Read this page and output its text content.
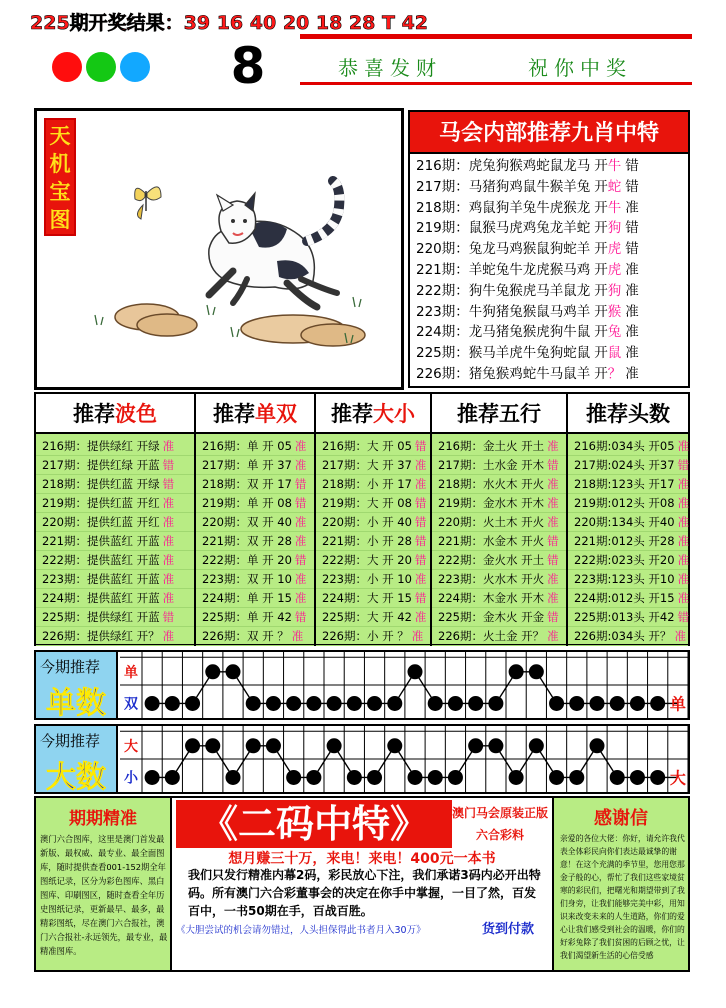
225期开奖结果：39 16 40 20 18 28 T 42
8	恭喜发财	祝你中奖
天机宝图
马会内部推荐九肖中特
216期：虎兔狗猴鸡蛇鼠龙马 开牛 错
217期：马猪狗鸡鼠牛猴羊兔 开蛇 错
218期：鸡鼠狗羊兔牛虎猴龙 开牛 准
219期：鼠猴马虎鸡兔龙羊蛇 开狗 错
220期：兔龙马鸡猴鼠狗蛇羊 开虎 错
221期：羊蛇兔牛龙虎猴马鸡 开虎 准
222期：狗牛兔猴虎马羊鼠龙 开狗 准
223期：牛狗猪兔猴鼠马鸡羊 开猴 准
224期：龙马猪兔猴虎狗牛鼠 开兔 准
225期：猴马羊虎牛兔狗蛇鼠 开鼠 准
226期：猪兔猴鸡蛇牛马鼠羊 开？ 准
推荐波色
216期：提供绿红 开绿 准
217期：提供红绿 开蓝 错
218期：提供红蓝 开绿 错
219期：提供红蓝 开红 准
220期：提供红蓝 开红 准
221期：提供蓝红 开蓝 准
222期：提供蓝红 开蓝 准
223期：提供蓝红 开蓝 准
224期：提供蓝红 开蓝 准
225期：提供绿红 开蓝 错
226期：提供绿红 开？ 准
推荐单双
216期：单 开 05 准
217期：单 开 37 准
218期：双 开 17 错
219期：单 开 08 错
220期：双 开 40 准
221期：双 开 28 准
222期：单 开 20 错
223期：双 开 10 准
224期：单 开 15 准
225期：单 开 42 错
226期：双 开 ？ 准
推荐大小
216期：大 开 05 错
217期：大 开 37 准
218期：小 开 17 准
219期：大 开 08 错
220期：小 开 40 错
221期：小 开 28 错
222期：大 开 20 错
223期：小 开 10 准
224期：大 开 15 错
225期：大 开 42 准
226期：小 开 ？ 准
推荐五行
216期：金土火 开土 准
217期：土水金 开木 错
218期：水火木 开火 准
219期：金水木 开木 准
220期：火土木 开火 准
221期：水金木 开火 错
222期：金火水 开土 错
223期：火水木 开火 准
224期：木金水 开木 准
225期：金木火 开金 错
226期：火土金 开？ 准
推荐头数
216期:034头 开05 准
217期:024头 开37 错
218期:123头 开17 准
219期:012头 开08 准
220期:134头 开40 准
221期:012头 开28 准
222期:023头 开20 准
223期:123头 开10 准
224期:012头 开15 准
225期:013头 开42 错
226期:034头 开？ 准
今期推荐
单数
单
双	单
今期推荐
大数
大
小	大
期期精准
澳门六合图库，这里是澳门首发最新版、最权威、最专业、最全面图库，随时提供查看001-152期全年图纸记录，区分为彩色图库、黑白图库、印刷图区，随时查看全年历史图纸记录，更新最早、最多，最精彩图纸，尽在澳门六合报社，澳门六合报社-永远领先，最专业，最精准图库。
《二码中特》	澳门马会原装正版六合彩料
想月赚三十万，来电！来电！400元一本书
我们只发行精准内幕2码，彩民放心下注，我们承诺3码内必开出特码。所有澳门六合彩董事会的决定在你手中掌握，一目了然，百发百中，一书50期在手，百战百胜。
《大胆尝试的机会请勿错过，人头担保得此书者月入30万》	货到付款
感谢信
亲爱的各位大佬：你好，请允许我代表全体彩民向你们表达最诚挚的谢意！在这个充满的季节里，您用您那金子般的心，帮忙了我们这些家境贫寒的彩民们，把曙光和期望带到了我们身旁，让我们能够完美中彩，用知识来改变未来的人生道路，你们的爱心让我们感受到社会的温暖，你们的好彩兔除了我们贫困的后顾之忧，让我们渴望新生活的心倍受感
